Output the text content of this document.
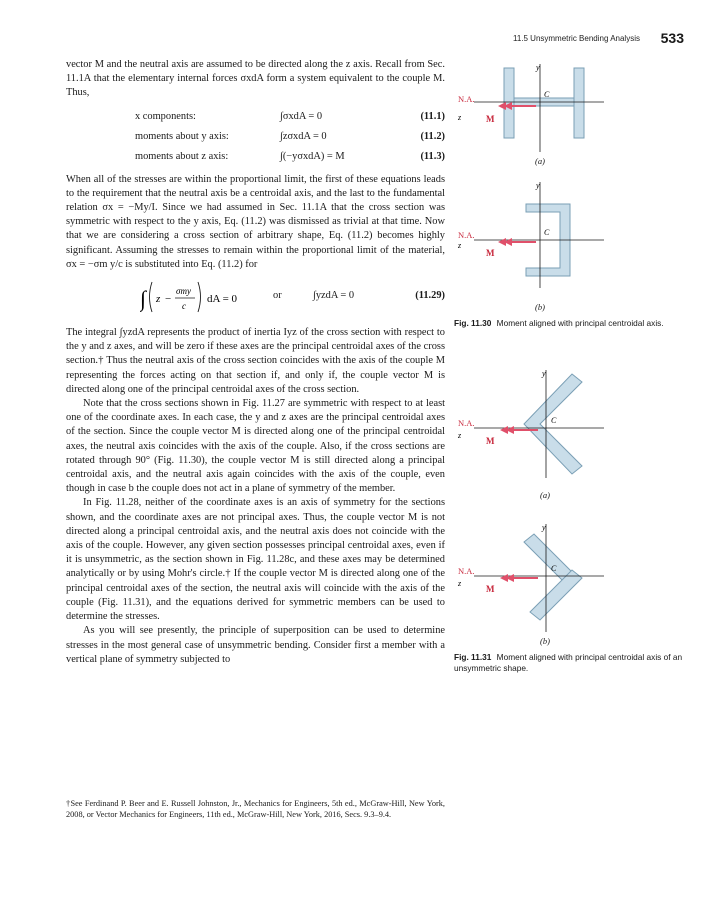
11.5 Unsymmetric Bending Analysis 533

vector M and the neutral axis are assumed to be directed along the z axis. Recall from Sec. 11.1A that the elementary internal forces σxdA form a system equivalent to the couple M. Thus,

x components:	∫σxdA = 0	(11.1)
moments about y axis:	∫zσxdA = 0	(11.2)
moments about z axis:	∫(−yσxdA) = M	(11.3)

When all of the stresses are within the proportional limit, the first of these equations leads to the requirement that the neutral axis be a centroidal axis, and the last to the fundamental relation σx = −My/I. Since we had assumed in Sec. 11.1A that the cross section was symmetric with respect to the y axis, Eq. (11.2) was dismissed as trivial at that time. Now that we are considering a cross section of arbitrary shape, Eq. (11.2) becomes highly significant. Assuming the stresses to remain within the proportional limit of the material, σx = −σm y/c is substituted into Eq. (11.2) for

∫ z −
σmy
c
dA = 0	or	∫yzdA = 0	(11.29)

The integral ∫yzdA represents the product of inertia Iyz of the cross section with respect to the y and z axes, and will be zero if these axes are the principal centroidal axes of the cross section.† Thus the neutral axis of the cross section coincides with the axis of the couple M representing the forces acting on that section if, and only if, the couple vector M is directed along one of the principal centroidal axes of the cross section.

Note that the cross sections shown in Fig. 11.27 are symmetric with respect to at least one of the coordinate axes. In each case, the y and z axes are the principal centroidal axes of the section. Since the couple vector M is directed along one of the principal centroidal axes, the neutral axis coincides with the axis of the couple. Also, if the cross sections are rotated through 90° (Fig. 11.30), the couple vector M is still directed along a principal centroidal axis, and the neutral axis again coincides with the axis of the couple, even though in case b the couple does not act in a plane of symmetry of the member.

In Fig. 11.28, neither of the coordinate axes is an axis of symmetry for the sections shown, and the coordinate axes are not principal axes. Thus, the couple vector M is not directed along a principal centroidal axis, and the neutral axis does not coincide with the axis of the couple. However, any given section possesses principal centroidal axes, even if it is unsymmetric, as the section shown in Fig. 11.28c, and these axes may be determined analytically or by using Mohr's circle.† If the couple vector M is directed along one of the principal centroidal axes of the section, the neutral axis will coincide with the axis of the couple (Fig. 11.31), and the equations derived for symmetric members can be used to determine the stresses.

As you will see presently, the principle of superposition can be used to determine stresses in the most general case of unsymmetric bending. Consider first a member with a vertical plane of symmetry subjected to

†See Ferdinand P. Beer and E. Russell Johnston, Jr., Mechanics for Engineers, 5th ed., McGraw-Hill, New York, 2008, or Vector Mechanics for Engineers, 11th ed., McGraw-Hill, New York, 2016, Secs. 9.3–9.4.
y
N.A.
z
C
M
(a)
y
N.A.
z
C
M
(b)
Fig. 11.30 Moment aligned with principal centroidal axis.
y
N.A.
z
C
M
(a)
y
N.A.
z
C
M
(b)
Fig. 11.31 Moment aligned with principal centroidal axis of an unsymmetric shape.
